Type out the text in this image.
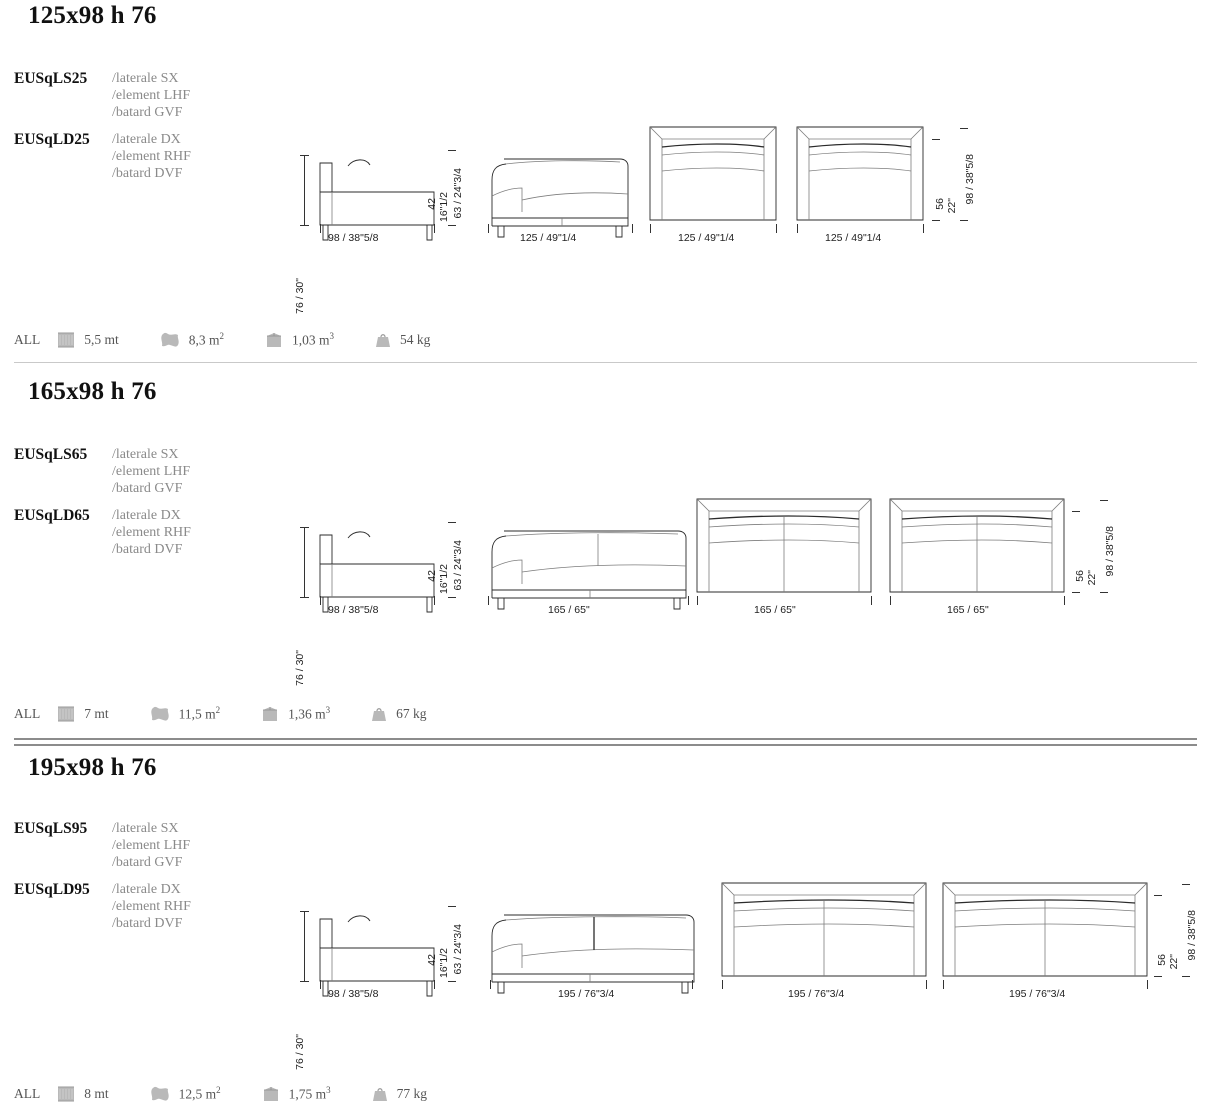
125x98 h 76
EUSqLS25	/laterale SX
/element LHF
/batard GVF
EUSqLD25	/laterale DX
/element RHF
/batard DVF
76 / 30"
98 / 38"5/8
42 16"1/2 63 / 24"3/4
125 / 49"1/4	125 / 49"1/4	125 / 49"1/4
56 22"
98 / 38"5/8
ALL	5,5 mt	8,3 $m^2$	1,03 $m^3$	54 kg
165x98 h 76
EUSqLS65	/laterale SX
/element LHF
/batard GVF
EUSqLD65	/laterale DX
/element RHF
/batard DVF
76 / 30"
98 / 38"5/8
42 16"1/2 63 / 24"3/4
165 / 65"	165 / 65"	165 / 65"
56 22"
98 / 38"5/8
ALL	7 mt	11,5 $m^2$	1,36 $m^3$	67 kg
195x98 h 76
EUSqLS95	/laterale SX
/element LHF
/batard GVF
EUSqLD95	/laterale DX
/element RHF
/batard DVF
76 / 30"
98 / 38"5/8
42 16"1/2 63 / 24"3/4
195 / 76"3/4	195 / 76"3/4	195 / 76"3/4
56 22"
98 / 38"5/8
ALL	8 mt	12,5 $m^2$	1,75 $m^3$	77 kg
